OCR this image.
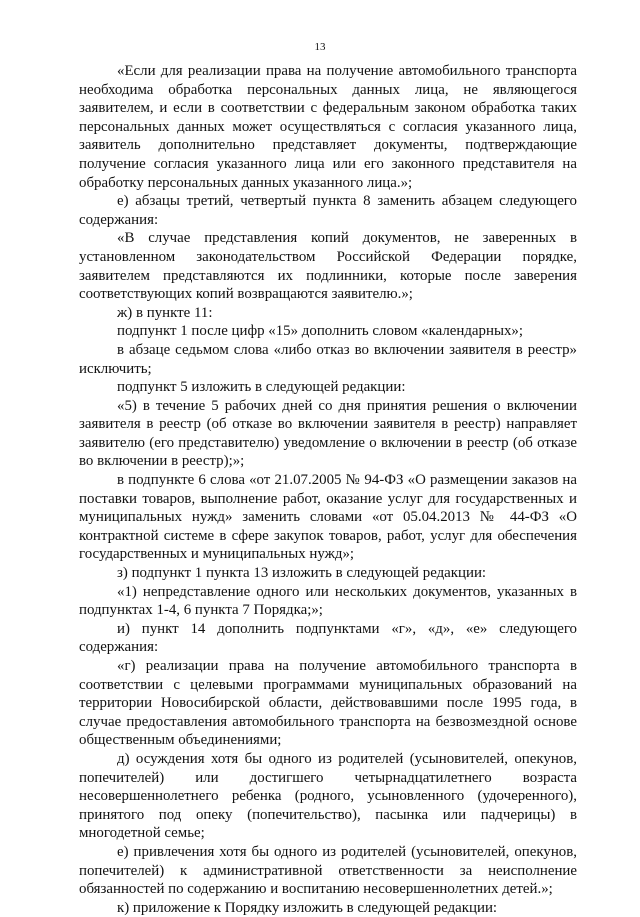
13

«Если для реализации права на получение автомобильного транспорта необходима обработка персональных данных лица, не являющегося заявителем, и если в соответствии с федеральным законом обработка таких персональных данных может осуществляться с согласия указанного лица, заявитель дополнительно представляет документы, подтверждающие получение согласия указанного лица или его законного представителя на обработку персональных данных указанного лица.»;

е) абзацы третий, четвертый пункта 8 заменить абзацем следующего содержания:

«В случае представления копий документов, не заверенных в установленном законодательством Российской Федерации порядке, заявителем представляются их подлинники, которые после заверения соответствующих копий возвращаются заявителю.»;

ж) в пункте 11:

подпункт 1 после цифр «15» дополнить словом «календарных»;

в абзаце седьмом слова «либо отказ во включении заявителя в реестр» исключить;

подпункт 5 изложить в следующей редакции:

«5) в течение 5 рабочих дней со дня принятия решения о включении заявителя в реестр (об отказе во включении заявителя в реестр) направляет заявителю (его представителю) уведомление о включении в реестр (об отказе во включении в реестр);»;

в подпункте 6 слова «от 21.07.2005 № 94-ФЗ «О размещении заказов на поставки товаров, выполнение работ, оказание услуг для государственных и муниципальных нужд» заменить словами «от 05.04.2013 № 44-ФЗ «О контрактной системе в сфере закупок товаров, работ, услуг для обеспечения государственных и муниципальных нужд»;

з) подпункт 1 пункта 13 изложить в следующей редакции:

«1) непредставление одного или нескольких документов, указанных в подпунктах 1-4, 6 пункта 7 Порядка;»;

и) пункт 14 дополнить подпунктами «г», «д», «е» следующего содержания:

«г) реализации права на получение автомобильного транспорта в соответствии с целевыми программами муниципальных образований на территории Новосибирской области, действовавшими после 1995 года, в случае предоставления автомобильного транспорта на безвозмездной основе общественным объединениями;

д) осуждения хотя бы одного из родителей (усыновителей, опекунов, попечителей) или достигшего четырнадцатилетнего возраста несовершеннолетнего ребенка (родного, усыновленного (удочеренного), принятого под опеку (попечительство), пасынка или падчерицы) в многодетной семье;

е) привлечения хотя бы одного из родителей (усыновителей, опекунов, попечителей) к административной ответственности за неисполнение обязанностей по содержанию и воспитанию несовершеннолетних детей.»;

к) приложение к Порядку изложить в следующей редакции:
